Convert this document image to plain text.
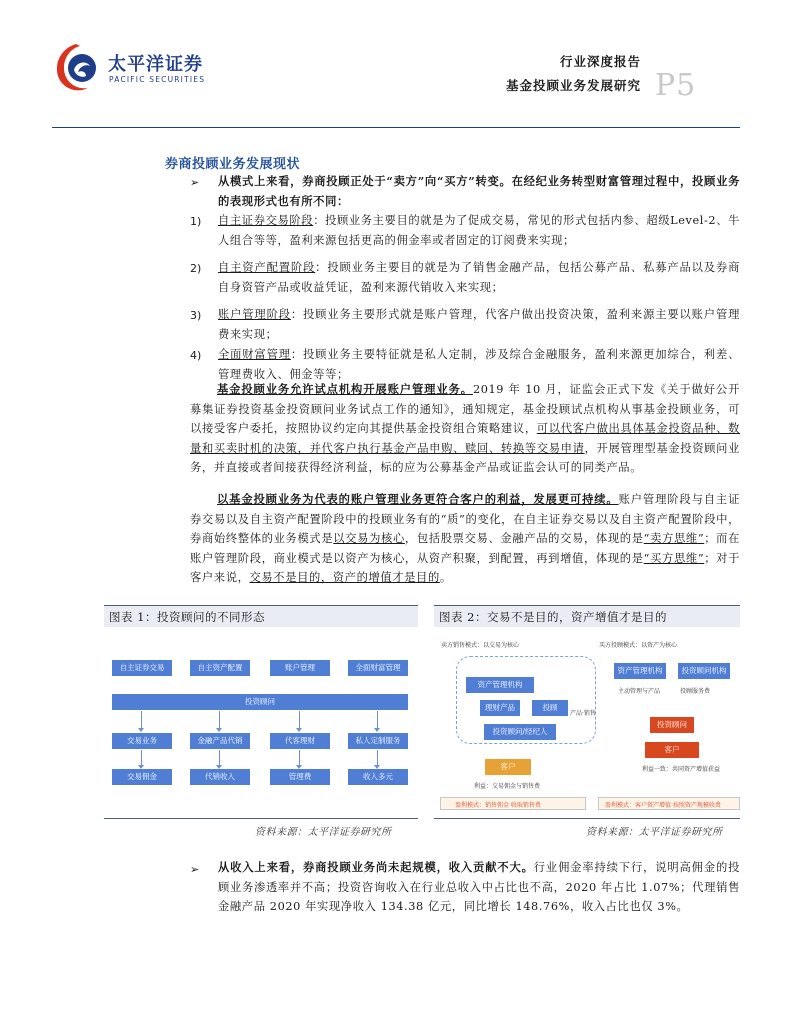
太平洋证券
PACIFIC SECURITIES
行业深度报告
基金投顾业务发展研究 P5
券商投顾业务发展现状
➢ 从模式上来看，券商投顾正处于“卖方”向“买方”转变。在经纪业务转型财富管理过程中，投顾业务的表现形式也有所不同：
1) 自主证券交易阶段：投顾业务主要目的就是为了促成交易，常见的形式包括内参、超级Level-2、牛人组合等等，盈利来源包括更高的佣金率或者固定的订阅费来实现；
2) 自主资产配置阶段：投顾业务主要目的就是为了销售金融产品，包括公募产品、私募产品以及券商自身资管产品或收益凭证，盈利来源代销收入来实现；
3) 账户管理阶段：投顾业务主要形式就是账户管理，代客户做出投资决策，盈利来源主要以账户管理费来实现；
4) 全面财富管理：投顾业务主要特征就是私人定制，涉及综合金融服务，盈利来源更加综合，利差、管理费收入、佣金等等；
基金投顾业务允许试点机构开展账户管理业务。2019 年 10 月，证监会正式下发《关于做好公开募集证券投资基金投资顾问业务试点工作的通知》，通知规定，基金投顾试点机构从事基金投顾业务，可以接受客户委托，按照协议约定向其提供基金投资组合策略建议，可以代客户做出具体基金投资品种、数量和买卖时机的决策，并代客户执行基金产品申购、赎回、转换等交易申请，开展管理型基金投资顾问业务，并直接或者间接获得经济利益，标的应为公募基金产品或证监会认可的同类产品。
以基金投顾业务为代表的账户管理业务更符合客户的利益，发展更可持续。账户管理阶段与自主证券交易以及自主资产配置阶段中的投顾业务有的“质”的变化，在自主证券交易以及自主资产配置阶段中，券商始终整体的业务模式是以交易为核心，包括股票交易、金融产品的交易，体现的是“卖方思维”；而在账户管理阶段，商业模式是以资产为核心，从资产积聚，到配置，再到增值，体现的是“买方思维”；对于客户来说，交易不是目的，资产的增值才是目的。
图表 1：投资顾问的不同形态
自主证券交易	自主资产配置	账户管理	全面财富管理
投资顾问
交易业务	金融产品代销	代客理财	私人定制服务
交易佣金	代销收入	管理费	收入多元
资料来源：太平洋证券研究所
图表 2：交易不是目的，资产增值才是目的
卖方销售模式：以交易为核心	买方投顾模式：以资产为核心
资产管理机构
理财产品	投顾
产品·销售
投资顾问/经纪人
客户
利益：交易佣金与销售费
资产管理机构	投资顾问机构
主动管理与产品	投顾服务费
投资顾问
客户
利益一致：共同资产增值获益
盈利模式：销售佣金 收取销售费	盈利模式：客户资产增值 按照资产规模收费
资料来源：太平洋证券研究所
➢ 从收入上来看，券商投顾业务尚未起规模，收入贡献不大。行业佣金率持续下行，说明高佣金的投顾业务渗透率并不高；投资咨询收入在行业总收入中占比也不高，2020 年占比 1.07%；代理销售金融产品 2020 年实现净收入 134.38 亿元，同比增长 148.76%，收入占比也仅 3%。
